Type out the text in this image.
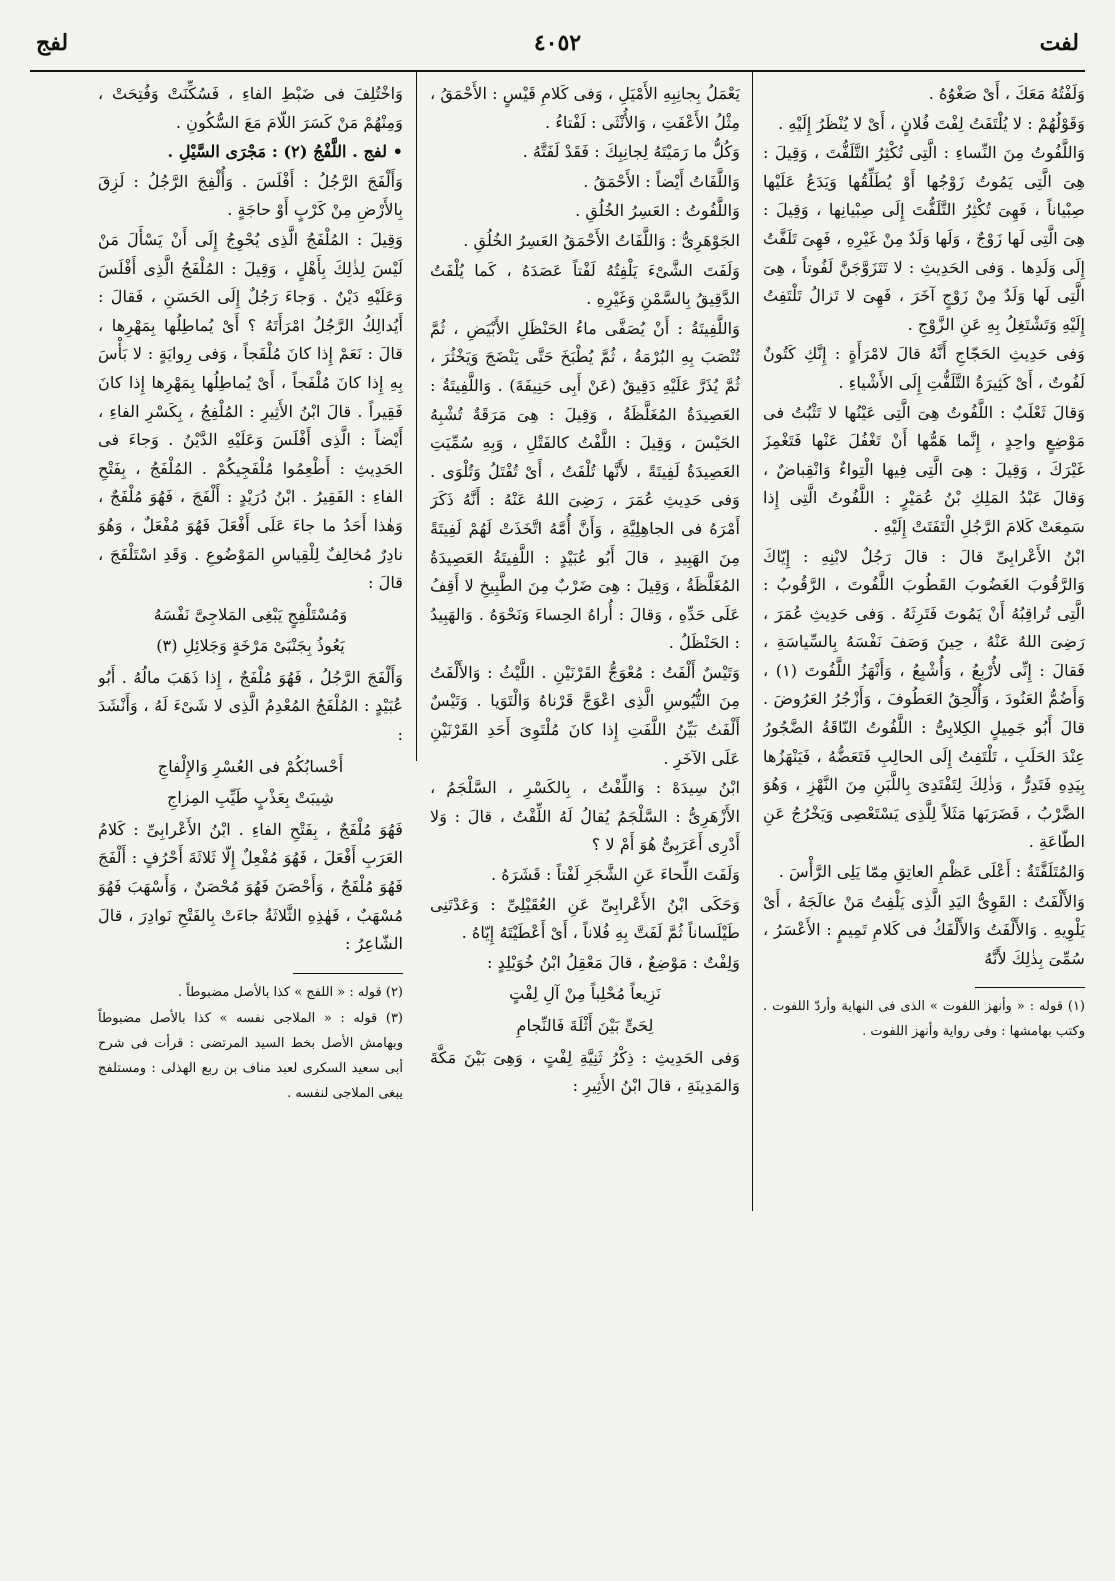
لفت
٤٠٥٢
لفج

وَلَفْتُهُ مَعَكَ ، أَىْ صَغْوُهُ .

وَقَوْلُهُمْ : لا يُلْتَفَتُ لِفْتَ فُلانٍ ، أَىْ لا يُنْظَرُ إِلَيْهِ .

وَاللَّفُوتُ مِنَ النِّساءِ : الَّتِى تُكْثِرُ التَّلَفُّتَ ، وَقِيلَ : هِىَ الَّتِى يَمُوتُ زَوْجُها أَوْ يُطَلِّقُها وَيَدَعُ عَلَيْها صِبْياناً ، فَهِىَ تُكْثِرُ التَّلَفُّتَ إِلَى صِبْيانِها ، وَقِيلَ : هِىَ الَّتِى لَها زَوْجٌ ، وَلَها وَلَدٌ مِنْ غَيْرِهِ ، فَهِىَ تَلَفَّتُ إِلَى وَلَدِها . وَفى الحَدِيثِ : لا تَتَزَوَّجَنَّ لَفُوتاً ، هِىَ الَّتِى لَها وَلَدٌ مِنْ زَوْجٍ آخَرَ ، فَهِىَ لا تَزالُ تَلْتَفِتُ إِلَيْهِ وَتَشْتَغِلُ بِهِ عَنِ الزَّوْجِ .

وَفى حَدِيثِ الحَجّاجِ أَنَّهُ قالَ لامْرَأَةٍ : إِنَّكِ كَتُونٌ لَفُوتٌ ، أَىْ كَثِيرَةُ التَّلَفُّتِ إِلَى الأَشْياءِ .

وَقالَ ثَعْلَبٌ : اللَّفُوتُ هِىَ الَّتِى عَيْنُها لا تَثْبُتُ فى مَوْضِعٍ واحِدٍ ، إِنَّما هَمُّها أَنْ تَغْفُلَ عَنْها فَتَغْمِزَ غَيْرَكَ ، وَقِيلَ : هِىَ الَّتِى فِيها الْتِواءٌ وَانْقِباضٌ ، وَقالَ عَبْدُ المَلِكِ بْنُ عُمَيْرٍ : اللَّفُوتُ الَّتِى إِذا سَمِعَتْ كَلامَ الرَّجُلِ الْتَفَتَتْ إِلَيْهِ .

ابْنُ الأَعْرابِىِّ قالَ : قالَ رَجُلٌ لابْنِهِ : إِيّاكَ وَالرَّقُوبَ الغَضُوبَ القَطُوبَ اللَّفُوتَ ، الرَّقُوبُ : الَّتِى تُراقِبُهُ أَنْ يَمُوتَ فَتَرِثَهُ . وَفى حَدِيثِ عُمَرَ ، رَضِىَ اللهُ عَنْهُ ، حِينَ وَصَفَ نَفْسَهُ بِالسِّياسَةِ ، فَقالَ : إِنِّى لأُرْبِعُ ، وَأُشْبِعُ ، وَأَنْهَزُ اللَّفُوتَ (١) ، وَأَضُمُّ العَنُودَ ، وَأُلْحِقُ العَطُوفَ ، وَأَزْجُرُ العَرُوضَ . قالَ أَبُو جَمِيلٍ الكِلابِىُّ : اللَّفُوتُ النّاقَةُ الضَّجُورُ عِنْدَ الحَلَبِ ، تَلْتَفِتُ إِلَى الحالِبِ فَتَعَضُّهُ ، فَيَنْهَزُها بِيَدِهِ فَتَدِرُّ ، وَذٰلِكَ لِتَفْتَدِىَ بِاللَّبَنِ مِنَ النَّهْزِ ، وَهُوَ الضَّرْبُ ، فَضَرَبَها مَثَلاً لِلَّذِى يَسْتَعْصِى وَيَخْرُجُ عَنِ الطّاعَةِ .

وَالمُتَلَفَّتَةُ : أَعْلَى عَظْمِ العاتِقِ مِمّا يَلِى الرَّأْسَ .

وَالأَلْفَتُ : القَوِىُّ اليَدِ الَّذِى يَلْفِتُ مَنْ عالَجَهُ ، أَىْ يَلْوِيهِ . وَالأَلْفَتُ وَالأَلْفَكُ فى كَلامِ تَمِيمٍ : الأَعْسَرُ ، سُمِّىَ بِذٰلِكَ لأَنَّهُ

(١) قوله : « وأنهز اللفوت » الذى فى النهاية وأردّ اللفوت . وكتب بهامشها : وفى رواية وأنهز اللفوت .

يَعْمَلُ بِجانِبِهِ الأَمْيَلِ ، وَفى كَلامِ قَيْسٍ : الأَحْمَقُ ، مِثْلُ الأَعْفَتِ ، وَالأُنْثَى : لَفْتاءُ .

وَكُلُّ ما رَمَيْتَهُ لِجانِبِكَ : فَقَدْ لَفَتَّهُ .

وَاللَّفَاتُ أَيْضاً : الأَحْمَقُ .

وَاللَّفُوتُ : العَسِرُ الخُلُقِ .

الجَوْهَرِىُّ : وَاللَّفَاتُ الأَحْمَقُ العَسِرُ الخُلُقِ .

وَلَفَتَ الشَّىْءَ يَلْفِتُهُ لَفْتاً عَصَدَهُ ، كَما يُلْفَتُ الدَّقِيقُ بِالسَّمْنِ وَغَيْرِهِ .

وَاللَّفِيتَةُ : أَنْ يُصَفَّى ماءُ الحَنْظَلِ الأَبْيَضِ ، ثُمَّ تُنْصَبَ بِهِ البُرْمَةُ ، ثُمَّ يُطْبَخَ حَتَّى يَنْضَجَ وَيَخْثُرَ ، ثُمَّ يُذَرَّ عَلَيْهِ دَقِيقٌ (عَنْ أَبِى حَنِيفَةَ) . وَاللَّفِيتَةُ : العَصِيدَةُ المُغَلَّظَةُ ، وَقِيلَ : هِىَ مَرَقَةٌ تُشْبِهُ الحَيْسَ ، وَقِيلَ : اللَّفْتُ كالفَتْلِ ، وَبِهِ سُمِّيَتِ العَصِيدَةُ لَفِيتَةً ، لأَنَّها تُلْفَتُ ، أَىْ تُفْتَلُ وَتُلْوَى . وَفى حَدِيثِ عُمَرَ ، رَضِىَ اللهُ عَنْهُ : أَنَّهُ ذَكَرَ أَمْرَهُ فى الجاهِلِيَّةِ ، وَأَنَّ أُمَّهُ اتَّخَذَتْ لَهُمْ لَفِيتَةً مِنَ الهَبِيدِ ، قالَ أَبُو عُبَيْدٍ : اللَّفِيتَةُ العَصِيدَةُ المُغَلَّظَةُ ، وَقِيلَ : هِىَ ضَرْبٌ مِنَ الطَّبِيخِ لا أَقِفُ عَلَى حَدِّهِ ، وَقالَ : أُراهُ الحِساءَ وَنَحْوَهُ . وَالهَبِيدُ : الحَنْظَلُ .

وَتَيْسٌ أَلْفَتُ : مُعْوَجُّ القَرْنَيْنِ . اللَّيْثُ : وَالأَلْفَتُ مِنَ التُّيُوسِ الَّذِى اعْوَجَّ قَرْناهُ وَالْتَوَيا . وَتَيْسٌ أَلْفَتُ بَيِّنُ اللَّفَتِ إِذا كانَ مُلْتَوِىَ أَحَدِ القَرْنَيْنِ عَلَى الآخَرِ .

ابْنُ سِيدَهْ : وَاللِّفْتُ ، بِالكَسْرِ ، السَّلْجَمُ ، الأَزْهَرِىُّ : السَّلْجَمُ يُقالُ لَهُ اللِّفْتُ ، قالَ : وَلا أَدْرِى أَعَرَبِىٌّ هُوَ أَمْ لا ؟

وَلَفَتَ اللِّحاءَ عَنِ الشَّجَرِ لَفْتاً : قَشَرَهُ .

وَحَكَى ابْنُ الأَعْرابِىِّ عَنِ العُقَيْلِىِّ : وَعَدْتَنِى طَيْلَساناً ثُمَّ لَفَتَّ بِهِ فُلاناً ، أَىْ أَعْطَيْتَهُ إِيّاهُ .

وَلِفْتٌ : مَوْضِعٌ ، قالَ مَعْقِلُ ابْنُ خُوَيْلِدٍ :

نَزِيعاً مُحْلِباً مِنْ آلِ لِفْتٍ

لِحَىٍّ بَيْنَ أَثْلَةَ فَالنِّجامِ

وَفى الحَدِيثِ : ذِكْرُ ثَنِيَّةِ لِفْتٍ ، وَهِىَ بَيْنَ مَكَّةَ وَالمَدِينَةِ ، قالَ ابْنُ الأَثِيرِ :

وَاخْتُلِفَ فى ضَبْطِ الفاءِ ، فَسُكِّنَتْ وَفُتِحَتْ ، وَمِنْهُمْ مَنْ كَسَرَ اللّامَ مَعَ السُّكُونِ .

• لفج . اللَّفْجُ (٢) : مَجْرَى السَّيْلِ .

وَأَلْفَجَ الرَّجُلُ : أَفْلَسَ . وَأُلْفِجَ الرَّجُلُ : لَزِقَ بِالأَرْضِ مِنْ كَرْبٍ أَوْ حاجَةٍ .

وَقِيلَ : المُلْفَجُ الَّذِى يُحْوِجُ إِلَى أَنْ يَسْأَلَ مَنْ لَيْسَ لِذٰلِكَ بِأَهْلٍ ، وَقِيلَ : المُلْفَجُ الَّذِى أَفْلَسَ وَعَلَيْهِ دَيْنٌ . وَجاءَ رَجُلٌ إِلَى الحَسَنِ ، فَقالَ : أَيُدالِكُ الرَّجُلُ امْرَأَتَهُ ؟ أَىْ يُماطِلُها بِمَهْرِها ، قالَ : نَعَمْ إِذا كانَ مُلْفَجاً ، وَفى رِوايَةٍ : لا بَأْسَ بِهِ إِذا كانَ مُلْفَجاً ، أَىْ يُماطِلُها بِمَهْرِها إِذا كانَ فَقِيراً . قالَ ابْنُ الأَثِيرِ : المُلْفِجُ ، بِكَسْرِ الفاءِ ، أَيْضاً : الَّذِى أَفْلَسَ وَعَلَيْهِ الدَّيْنُ . وَجاءَ فى الحَدِيثِ : أَطْعِمُوا مُلْفَجِيكُمْ . المُلْفَجُ ، بِفَتْحِ الفاءِ : الفَقِيرُ . ابْنُ دُرَيْدٍ : أَلْفَجَ ، فَهُوَ مُلْفَجٌ ، وَهٰذا أَحَدُ ما جاءَ عَلَى أَفْعَلَ فَهُوَ مُفْعَلٌ ، وَهُوَ نادِرٌ مُخالِفٌ لِلْقِياسِ المَوْضُوعِ . وَقَدِ اسْتَلْفَجَ ، قالَ :

وَمُسْتَلْفِجٍ يَبْغِى المَلاجِىَّ نَفْسَهُ

يَعُوذُ بِجَنْبَىْ مَرْخَةٍ وَجَلائِلِ (٣)

وَأَلْفَجَ الرَّجُلُ ، فَهُوَ مُلْفَجٌ ، إِذا ذَهَبَ مالُهُ . أَبُو عُبَيْدٍ : المُلْفَجُ المُعْدِمُ الَّذِى لا شَىْءَ لَهُ ، وَأَنْشَدَ :

أَحْسابُكُمْ فى العُسْرِ وَالإِلْفاجِ

شِيبَتْ بِعَذْبٍ طَيِّبِ المِزاجِ

فَهُوَ مُلْفَجٌ ، بِفَتْحِ الفاءِ . ابْنُ الأَعْرابِىِّ : كَلامُ العَرَبِ أَفْعَلَ ، فَهُوَ مُفْعِلٌ إِلّا ثَلاثَةَ أَحْرُفٍ : أَلْفَجَ فَهُوَ مُلْفَجٌ ، وَأَحْصَنَ فَهُوَ مُحْصَنٌ ، وَأَسْهَبَ فَهُوَ مُسْهَبٌ ، فَهٰذِهِ الثَّلاثَةُ جاءَتْ بِالفَتْحِ نَوادِرَ ، قالَ الشّاعِرُ :

(٢) قوله : « اللفج » كذا بالأصل مضبوطاً .

(٣) قوله : « الملاجى نفسه » كذا بالأصل مضبوطاً وبهامش الأصل بخط السيد المرتضى : قرأت فى شرح أبى سعيد السكرى لعبد مناف بن ربع الهذلى : ومستلفج يبغى الملاجى لنفسه .
